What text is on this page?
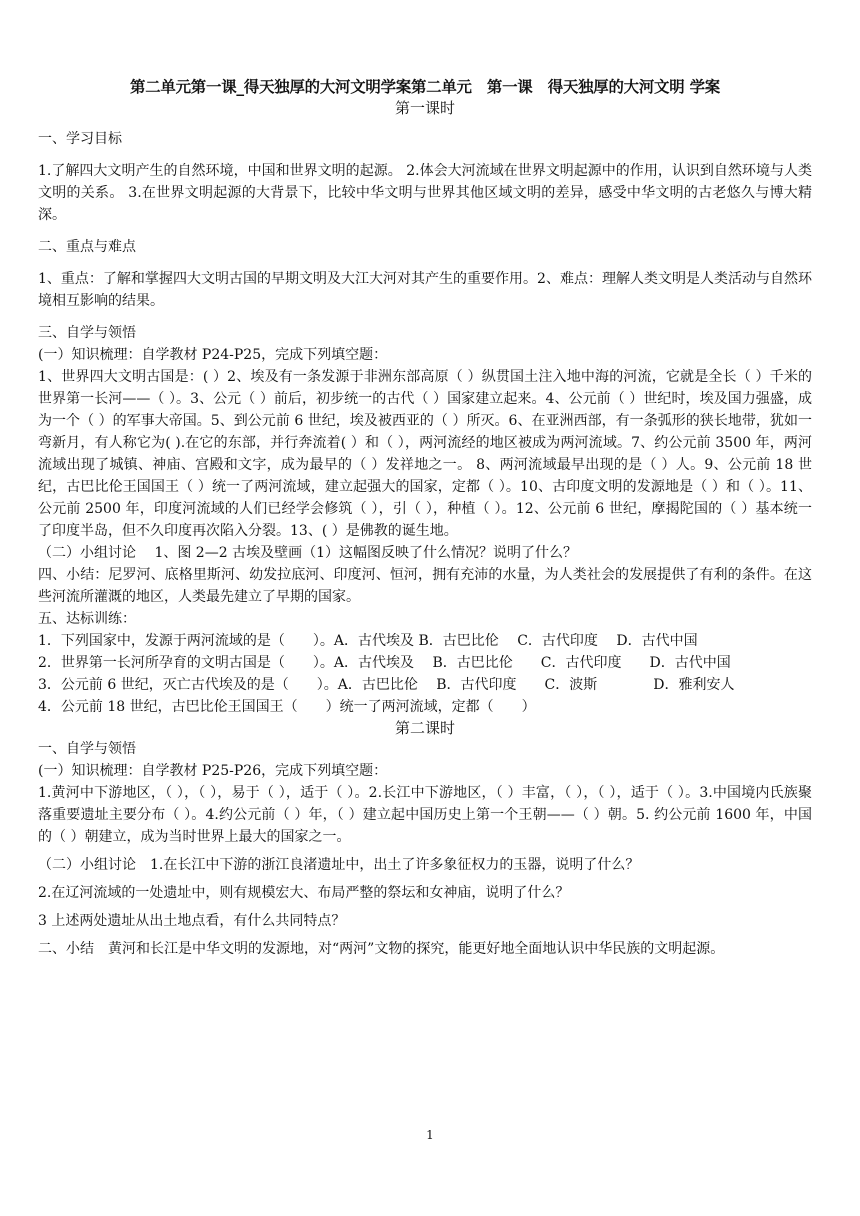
第二单元第一课_得天独厚的大河文明学案第二单元　第一课　得天独厚的大河文明 学案
第一课时
一、学习目标
1.了解四大文明产生的自然环境，中国和世界文明的起源。 2.体会大河流域在世界文明起源中的作用，认识到自然环境与人类文明的关系。 3.在世界文明起源的大背景下，比较中华文明与世界其他区域文明的差异，感受中华文明的古老悠久与博大精深。
二、重点与难点
1、重点：了解和掌握四大文明古国的早期文明及大江大河对其产生的重要作用。2、难点：理解人类文明是人类活动与自然环境相互影响的结果。
三、自学与领悟
(一）知识梳理：自学教材 P24-P25，完成下列填空题：
1、世界四大文明古国是：( ）2、埃及有一条发源于非洲东部高原（ ）纵贯国土注入地中海的河流，它就是全长（ ）千米的世界第一长河——（ ）。3、公元（ ）前后，初步统一的古代（ ）国家建立起来。4、公元前（ ）世纪时，埃及国力强盛，成为一个（ ）的军事大帝国。5、到公元前 6 世纪，埃及被西亚的（ ）所灭。6、在亚洲西部，有一条弧形的狭长地带，犹如一弯新月，有人称它为( ).在它的东部，并行奔流着( ）和（ ），两河流经的地区被成为两河流域。7、约公元前 3500 年，两河流域出现了城镇、神庙、宫殿和文字，成为最早的（ ）发祥地之一。 8、两河流域最早出现的是（ ）人。9、公元前 18 世纪，古巴比伦王国国王（ ）统一了两河流域，建立起强大的国家，定都（ ）。10、古印度文明的发源地是（ ）和（ ）。11、公元前 2500 年，印度河流域的人们已经学会修筑（ ），引（ ），种植（ ）。12、公元前 6 世纪，摩揭陀国的（ ）基本统一了印度半岛，但不久印度再次陷入分裂。13、( ）是佛教的诞生地。
（二）小组讨论　 1、图 2—2 古埃及壁画（1）这幅图反映了什么情况？说明了什么？
四、小结：尼罗河、底格里斯河、幼发拉底河、印度河、恒河，拥有充沛的水量，为人类社会的发展提供了有利的条件。在这些河流所灌溉的地区，人类最先建立了早期的国家。
五、达标训练：
1．下列国家中，发源于两河流域的是（　　）。A．古代埃及 B．古巴比伦　 C．古代印度　 D．古代中国
2．世界第一长河所孕育的文明古国是（　　）。A．古代埃及　 B．古巴比伦　　C．古代印度　　D．古代中国
3．公元前 6 世纪，灭亡古代埃及的是（　　）。A．古巴比伦　 B．古代印度　　C．波斯　　　　D．雅利安人
4．公元前 18 世纪，古巴比伦王国国王（　　）统一了两河流域，定都（　　）
第二课时
一、自学与领悟
(一）知识梳理：自学教材 P25-P26，完成下列填空题：
1.黄河中下游地区，（ ），（ ），易于（ ），适于（ ）。2.长江中下游地区，（ ）丰富，（ ），（ ），适于（ ）。3.中国境内氏族聚落重要遗址主要分布（ ）。4.约公元前（ ）年，（ ）建立起中国历史上第一个王朝——（ ）朝。5. 约公元前 1600 年，中国的（ ）朝建立，成为当时世界上最大的国家之一。
（二）小组讨论　1.在长江中下游的浙江良渚遗址中，出土了许多象征权力的玉器，说明了什么？
2.在辽河流域的一处遗址中，则有规模宏大、布局严整的祭坛和女神庙，说明了什么？
3 上述两处遗址从出土地点看，有什么共同特点？
二、小结　黄河和长江是中华文明的发源地，对“两河”文物的探究，能更好地全面地认识中华民族的文明起源。
1
